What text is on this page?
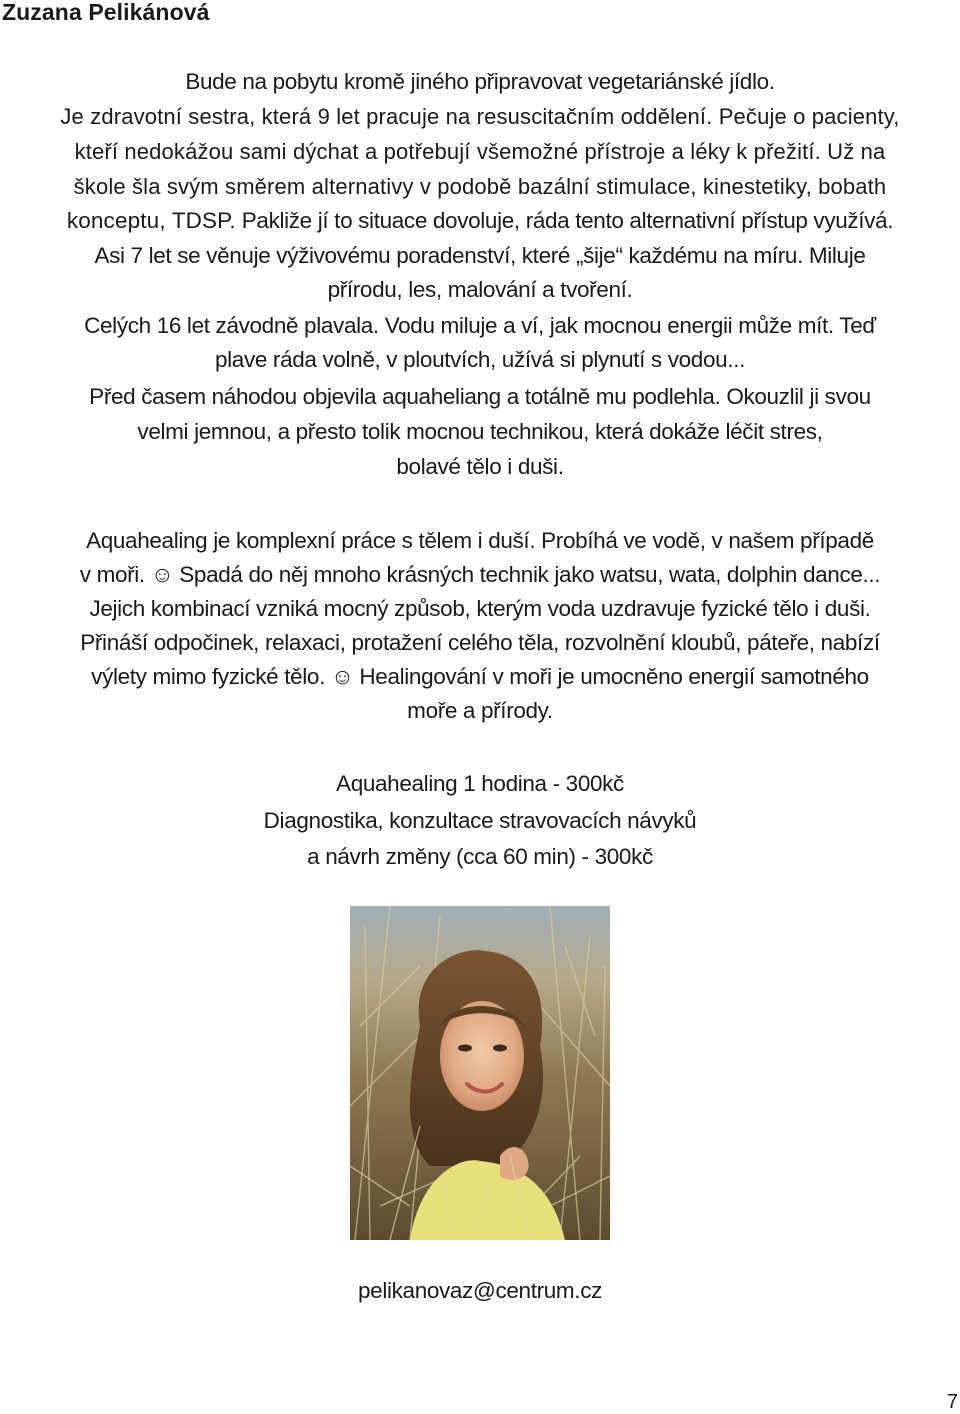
Zuzana Pelikánová
Bude na pobytu kromě jiného připravovat vegetariánské jídlo.
Je zdravotní sestra, která 9 let pracuje na resuscitačním oddělení. Pečuje o pacienty,
kteří nedokážou sami dýchat a potřebují všemožné přístroje a léky k přežití. Už na
škole šla svým směrem alternativy v podobě bazální stimulace, kinestetiky, bobath
konceptu, TDSP. Pakliže jí to situace dovoluje, ráda tento alternativní přístup využívá.
Asi 7 let se věnuje výživovému poradenství, které „šije“ každému na míru. Miluje
přírodu, les, malování a tvoření.
Celých 16 let závodně plavala. Vodu miluje a ví, jak mocnou energii může mít. Teď
plave ráda volně, v ploutvích, užívá si plynutí s vodou...
Před časem náhodou objevila aquaheliang a totálně mu podlehla. Okouzlil ji svou
velmi jemnou, a přesto tolik mocnou technikou, která dokáže léčit stres,
bolavé tělo i duši.
Aquahealing je komplexní práce s tělem i duší. Probíhá ve vodě, v našem případě
v moři. ☺ Spadá do něj mnoho krásných technik jako watsu, wata, dolphin dance...
Jejich kombinací vzniká mocný způsob, kterým voda uzdravuje fyzické tělo i duši.
Přináší odpočinek, relaxaci, protažení celého těla, rozvolnění kloubů, páteře, nabízí
výlety mimo fyzické tělo. ☺ Healingování v moři je umocněno energií samotného
moře a přírody.
Aquahealing 1 hodina - 300kč
Diagnostika, konzultace stravovacích návyků
a návrh změny (cca 60 min) - 300kč
pelikanovaz@centrum.cz
7
